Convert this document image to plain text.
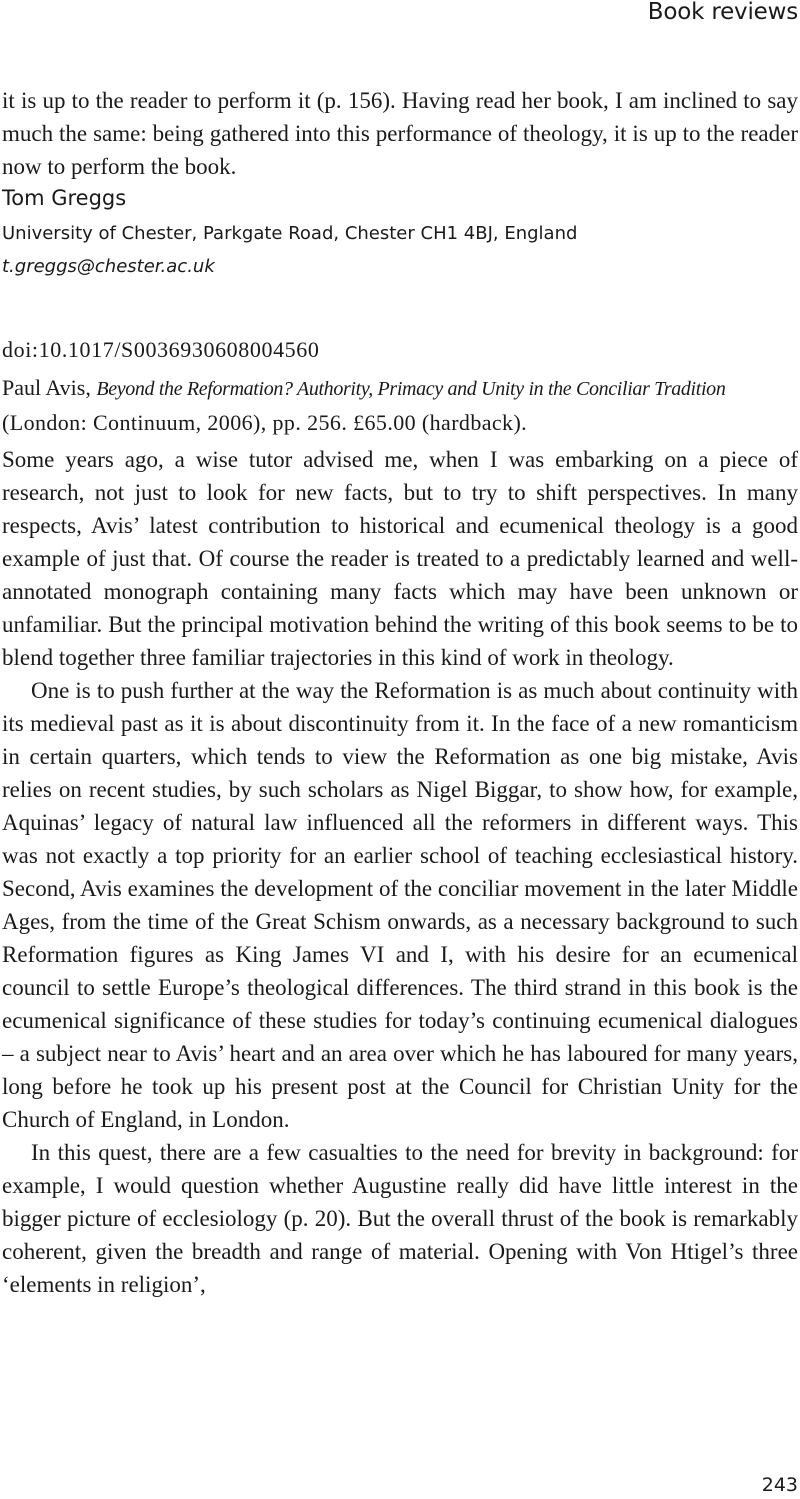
Book reviews

it is up to the reader to perform it (p. 156). Having read her book, I am inclined to say much the same: being gathered into this performance of theology, it is up to the reader now to perform the book.

Tom Greggs
University of Chester, Parkgate Road, Chester CH1 4BJ, England
t.greggs@chester.ac.uk
doi:10.1017/S0036930608004560
Paul Avis, Beyond the Reformation? Authority, Primacy and Unity in the Conciliar Tradition
(London: Continuum, 2006), pp. 256. £65.00 (hardback).

Some years ago, a wise tutor advised me, when I was embarking on a piece of research, not just to look for new facts, but to try to shift perspectives. In many respects, Avis’ latest contribution to historical and ecumenical theology is a good example of just that. Of course the reader is treated to a predictably learned and well-annotated monograph containing many facts which may have been unknown or unfamiliar. But the principal motivation behind the writing of this book seems to be to blend together three familiar trajectories in this kind of work in theology.

One is to push further at the way the Reformation is as much about continuity with its medieval past as it is about discontinuity from it. In the face of a new romanticism in certain quarters, which tends to view the Reformation as one big mistake, Avis relies on recent studies, by such scholars as Nigel Biggar, to show how, for example, Aquinas’ legacy of natural law influenced all the reformers in different ways. This was not exactly a top priority for an earlier school of teaching ecclesiastical history. Second, Avis examines the development of the conciliar movement in the later Middle Ages, from the time of the Great Schism onwards, as a necessary background to such Reformation figures as King James VI and I, with his desire for an ecumenical council to settle Europe’s theological differences. The third strand in this book is the ecumenical significance of these studies for today’s continuing ecumenical dialogues – a subject near to Avis’ heart and an area over which he has laboured for many years, long before he took up his present post at the Council for Christian Unity for the Church of England, in London.

In this quest, there are a few casualties to the need for brevity in background: for example, I would question whether Augustine really did have little interest in the bigger picture of ecclesiology (p. 20). But the overall thrust of the book is remarkably coherent, given the breadth and range of material. Opening with Von Htigel’s three ‘elements in religion’,

243
